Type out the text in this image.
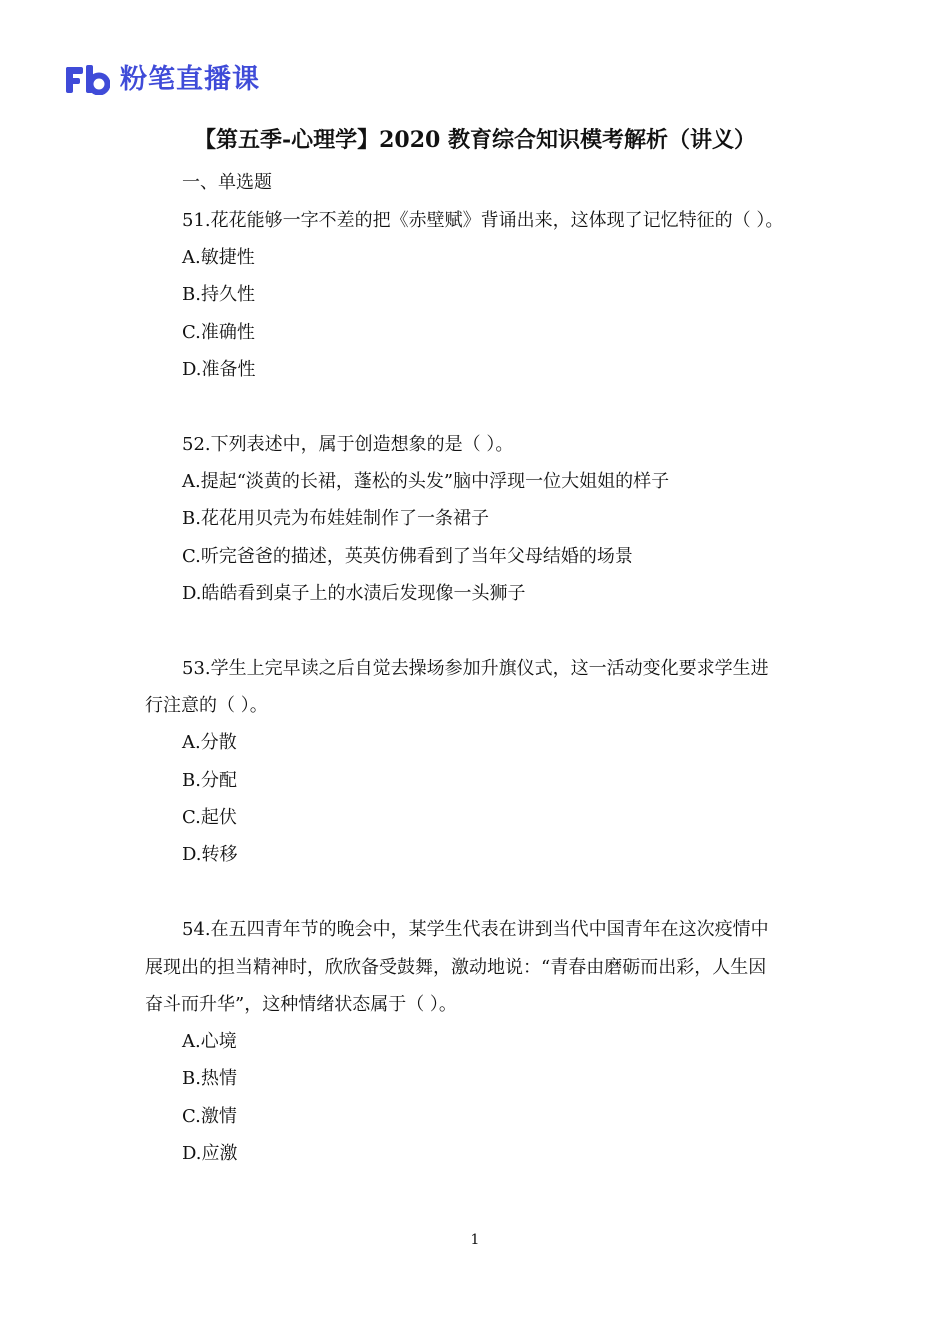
粉笔直播课
【第五季-心理学】2020 教育综合知识模考解析（讲义）
一、单选题
51.花花能够一字不差的把《赤壁赋》背诵出来，这体现了记忆特征的（ ）。
A.敏捷性
B.持久性
C.准确性
D.准备性
52.下列表述中，属于创造想象的是（ ）。
A.提起“淡黄的长裙，蓬松的头发”脑中浮现一位大姐姐的样子
B.花花用贝壳为布娃娃制作了一条裙子
C.听完爸爸的描述，英英仿佛看到了当年父母结婚的场景
D.皓皓看到桌子上的水渍后发现像一头狮子
53.学生上完早读之后自觉去操场参加升旗仪式，这一活动变化要求学生进
行注意的（ ）。
A.分散
B.分配
C.起伏
D.转移
54.在五四青年节的晚会中，某学生代表在讲到当代中国青年在这次疫情中
展现出的担当精神时，欣欣备受鼓舞，激动地说：“青春由磨砺而出彩，人生因
奋斗而升华”，这种情绪状态属于（ ）。
A.心境
B.热情
C.激情
D.应激
1
